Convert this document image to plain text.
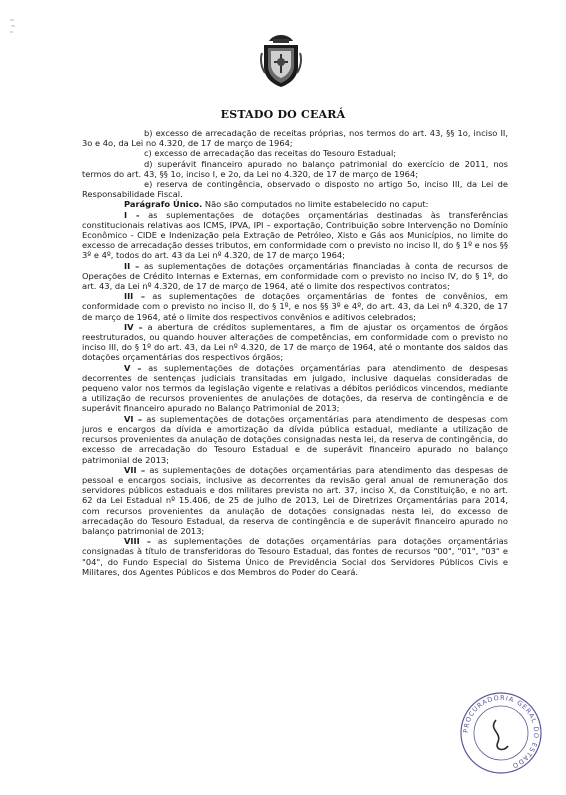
ESTADO DO CEARÁ

b) excesso de arrecadação de receitas próprias, nos termos do art. 43, §§ 1o, inciso II, 3o e 4o, da Lei no 4.320, de 17 de março de 1964;

c) excesso de arrecadação das receitas do Tesouro Estadual;

d) superávit financeiro apurado no balanço patrimonial do exercício de 2011, nos termos do art. 43, §§ 1o, inciso I, e 2o, da Lei no 4.320, de 17 de março de 1964;

e) reserva de contingência, observado o disposto no artigo 5o, inciso III, da Lei de Responsabilidade Fiscal.

Parágrafo Único. Não são computados no limite estabelecido no caput:

I - as suplementações de dotações orçamentárias destinadas às transferências constitucionais relativas aos ICMS, IPVA, IPI – exportação, Contribuição sobre Intervenção no Domínio Econômico - CIDE e Indenização pela Extração de Petróleo, Xisto e Gás aos Municípios, no limite do excesso de arrecadação desses tributos, em conformidade com o previsto no inciso II, do § 1º e nos §§ 3º e 4º, todos do art. 43 da Lei nº 4.320, de 17 de março 1964;

II – as suplementações de dotações orçamentárias financiadas à conta de recursos de Operações de Crédito Internas e Externas, em conformidade com o previsto no inciso IV, do § 1º, do art. 43, da Lei nº 4.320, de 17 de março de 1964, até o limite dos respectivos contratos;

III – as suplementações de dotações orçamentárias de fontes de convênios, em conformidade com o previsto no inciso II, do § 1º, e nos §§ 3º e 4º, do art. 43, da Lei nº 4.320, de 17 de março de 1964, até o limite dos respectivos convênios e aditivos celebrados;

IV – a abertura de créditos suplementares, a fim de ajustar os orçamentos de órgãos reestruturados, ou quando houver alterações de competências, em conformidade com o previsto no inciso III, do § 1º do art. 43, da Lei nº 4.320, de 17 de março de 1964, até o montante dos saldos das dotações orçamentárias dos respectivos órgãos;

V – as suplementações de dotações orçamentárias para atendimento de despesas decorrentes de sentenças judiciais transitadas em julgado, inclusive daquelas consideradas de pequeno valor nos termos da legislação vigente e relativas a débitos periódicos vincendos, mediante a utilização de recursos provenientes de anulações de dotações, da reserva de contingência e de superávit financeiro apurado no Balanço Patrimonial de 2013;

VI – as suplementações de dotações orçamentárias para atendimento de despesas com juros e encargos da dívida e amortização da dívida pública estadual, mediante a utilização de recursos provenientes da anulação de dotações consignadas nesta lei, da reserva de contingência, do excesso de arrecadação do Tesouro Estadual e de superávit financeiro apurado no balanço patrimonial de 2013;

VII – as suplementações de dotações orçamentárias para atendimento das despesas de pessoal e encargos sociais, inclusive as decorrentes da revisão geral anual de remuneração dos servidores públicos estaduais e dos militares prevista no art. 37, inciso X, da Constituição, e no art. 62 da Lei Estadual nº 15.406, de 25 de julho de 2013, Lei de Diretrizes Orçamentárias para 2014, com recursos provenientes da anulação de dotações consignadas nesta lei, do excesso de arrecadação do Tesouro Estadual, da reserva de contingência e de superávit financeiro apurado no balanço patrimonial de 2013;

VIII – as suplementações de dotações orçamentárias para dotações orçamentárias consignadas à título de transferidoras do Tesouro Estadual, das fontes de recursos "00", "01", "03" e "04", do Fundo Especial do Sistema Único de Previdência Social dos Servidores Públicos Civis e Militares, dos Agentes Públicos e dos Membros do Poder do Ceará.

PROCURADORIA GERAL DO ESTADO
